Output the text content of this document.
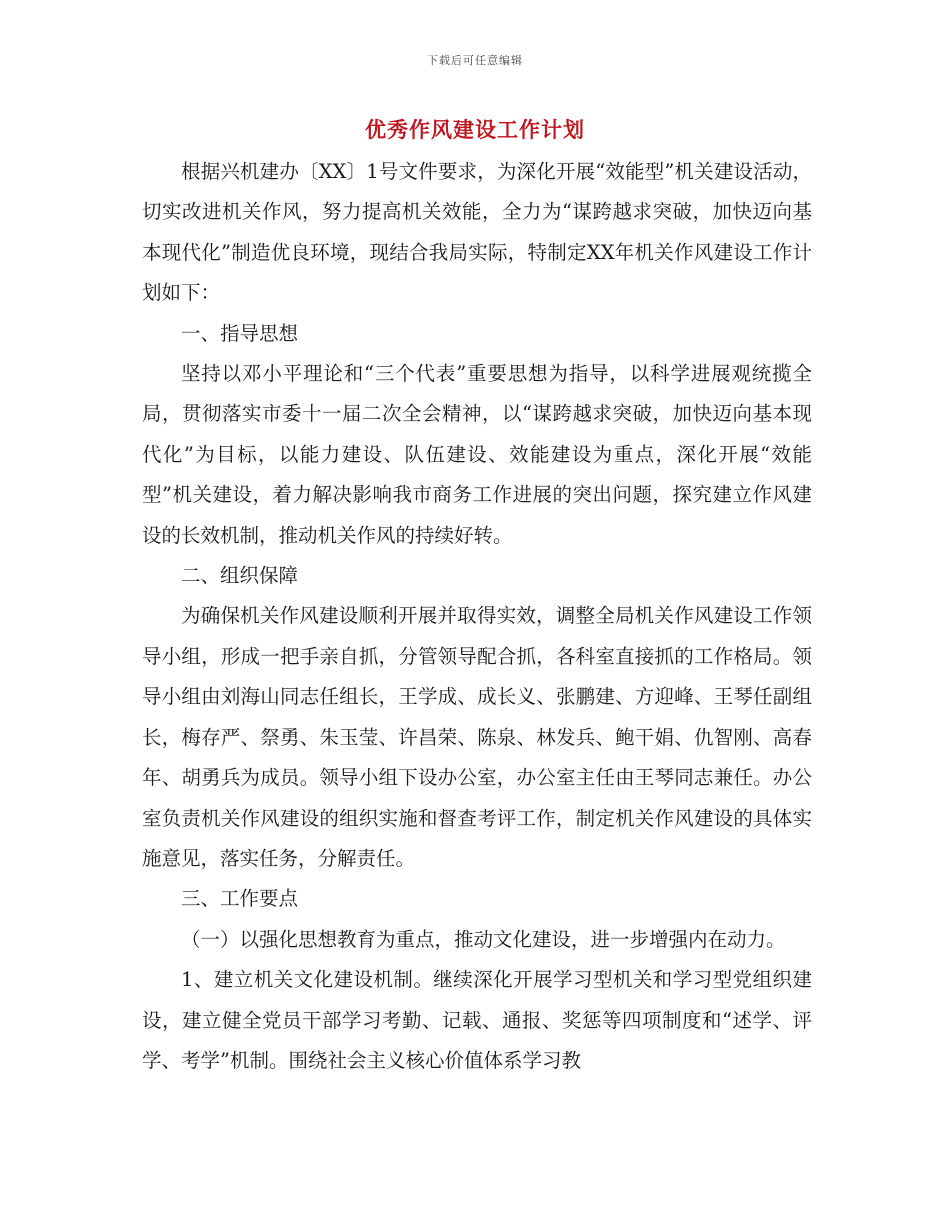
下载后可任意编辑
优秀作风建设工作计划

根据兴机建办〔XX〕1号文件要求，为深化开展“效能型”机关建设活动，切实改进机关作风，努力提高机关效能，全力为“谋跨越求突破，加快迈向基本现代化”制造优良环境，现结合我局实际，特制定XX年机关作风建设工作计划如下：

一、指导思想

坚持以邓小平理论和“三个代表”重要思想为指导，以科学进展观统揽全局，贯彻落实市委十一届二次全会精神，以“谋跨越求突破，加快迈向基本现代化”为目标，以能力建设、队伍建设、效能建设为重点，深化开展“效能型”机关建设，着力解决影响我市商务工作进展的突出问题，探究建立作风建设的长效机制，推动机关作风的持续好转。

二、组织保障

为确保机关作风建设顺利开展并取得实效，调整全局机关作风建设工作领导小组，形成一把手亲自抓，分管领导配合抓，各科室直接抓的工作格局。领导小组由刘海山同志任组长，王学成、成长义、张鹏建、方迎峰、王琴任副组长，梅存严、祭勇、朱玉莹、许昌荣、陈泉、林发兵、鲍干娟、仇智刚、高春年、胡勇兵为成员。领导小组下设办公室，办公室主任由王琴同志兼任。办公室负责机关作风建设的组织实施和督查考评工作，制定机关作风建设的具体实施意见，落实任务，分解责任。

三、工作要点

（一）以强化思想教育为重点，推动文化建设，进一步增强内在动力。

1、建立机关文化建设机制。继续深化开展学习型机关和学习型党组织建设，建立健全党员干部学习考勤、记载、通报、奖惩等四项制度和“述学、评学、考学”机制。围绕社会主义核心价值体系学习教
